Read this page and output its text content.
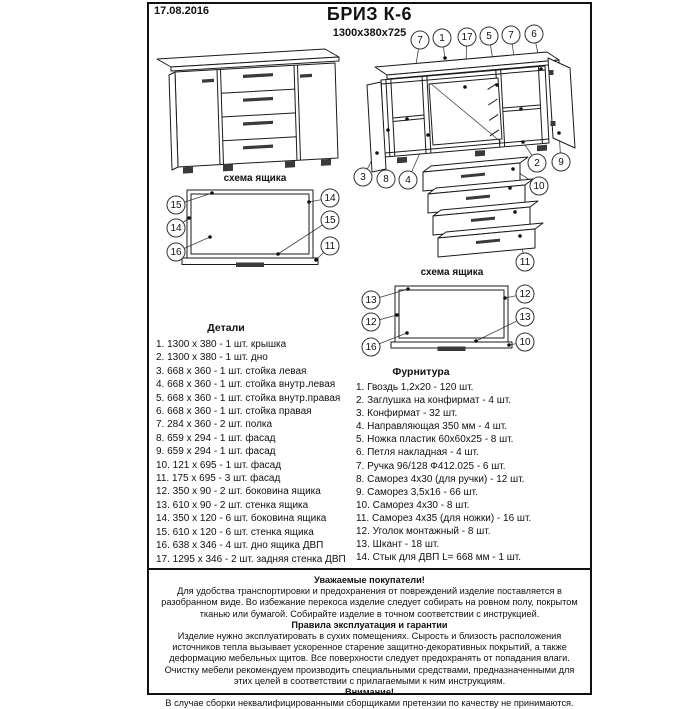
17.08.2016	БРИЗ К-6
1300х380х725
7 1 17 5 7 6
3 8 4
2 9
10
11
схема ящика
15
14
16
14
15
11
схема ящика
13
12
16
12
13
10
Детали
1. 1300 х 380 - 1 шт. крышка
2. 1300 х 380 - 1 шт. дно
3. 668 х 360 - 1 шт. стойка левая
4. 668 х 360 - 1 шт. стойка внутр.левая
5. 668 х 360 - 1 шт. стойка внутр.правая
6. 668 х 360 - 1 шт. стойка правая
7. 284 х 360 - 2 шт. полка
8. 659 х 294 - 1 шт. фасад
9. 659 х 294 - 1 шт. фасад
10. 121 х 695 - 1 шт. фасад
11. 175 х 695 - 3 шт. фасад
12. 350 х 90 - 2 шт. боковина ящика
13. 610 х 90 - 2 шт. стенка ящика
14. 350 х 120 - 6 шт. боковина ящика
15. 610 х 120 - 6 шт. стенка ящика
16. 638 х 346 - 4 шт. дно ящика ДВП
17. 1295 х 346 - 2 шт. задняя стенка ДВП
Фурнитура
1. Гвоздь 1,2х20 - 120 шт.
2. Заглушка на конфирмат - 4 шт.
3. Конфирмат - 32 шт.
4. Направляющая 350 мм - 4 шт.
5. Ножка пластик 60х60х25 - 8 шт.
6. Петля накладная - 4 шт.
7. Ручка 96/128 Ф412.025 - 6 шт.
8. Саморез 4х30 (для ручки) - 12 шт.
9. Саморез 3,5х16 - 66 шт.
10. Саморез 4х30 - 8 шт.
11. Саморез 4х35 (для ножки) - 16 шт.
12. Уголок монтажный - 8 шт.
13. Шкант - 18 шт.
14. Стык для ДВП L= 668 мм - 1 шт.
Уважаемые покупатели!
Для удобства транспортировки и предохранения от повреждений изделие поставляется в разобранном виде. Во избежание перекоса изделие следует собирать на ровном полу, покрытом тканью или бумагой. Собирайте изделие в точном соответствии с инструкцией.
Правила эксплуатация и гарантии
Изделие нужно эксплуатировать в сухих помещениях. Сырость и близость расположения источников тепла вызывает ускоренное старение защитно-декоративных покрытий, а также деформацию мебельных щитов. Все поверхности следует предохранять от попадания влаги. Очистку мебели рекомендуем производить специальными средствами, предназначенными для этих целей в соответствии с прилагаемыми к ним инструкциям.
Внимание!
В случае сборки неквалифицированными сборщиками претензии по качеству не принимаются.
